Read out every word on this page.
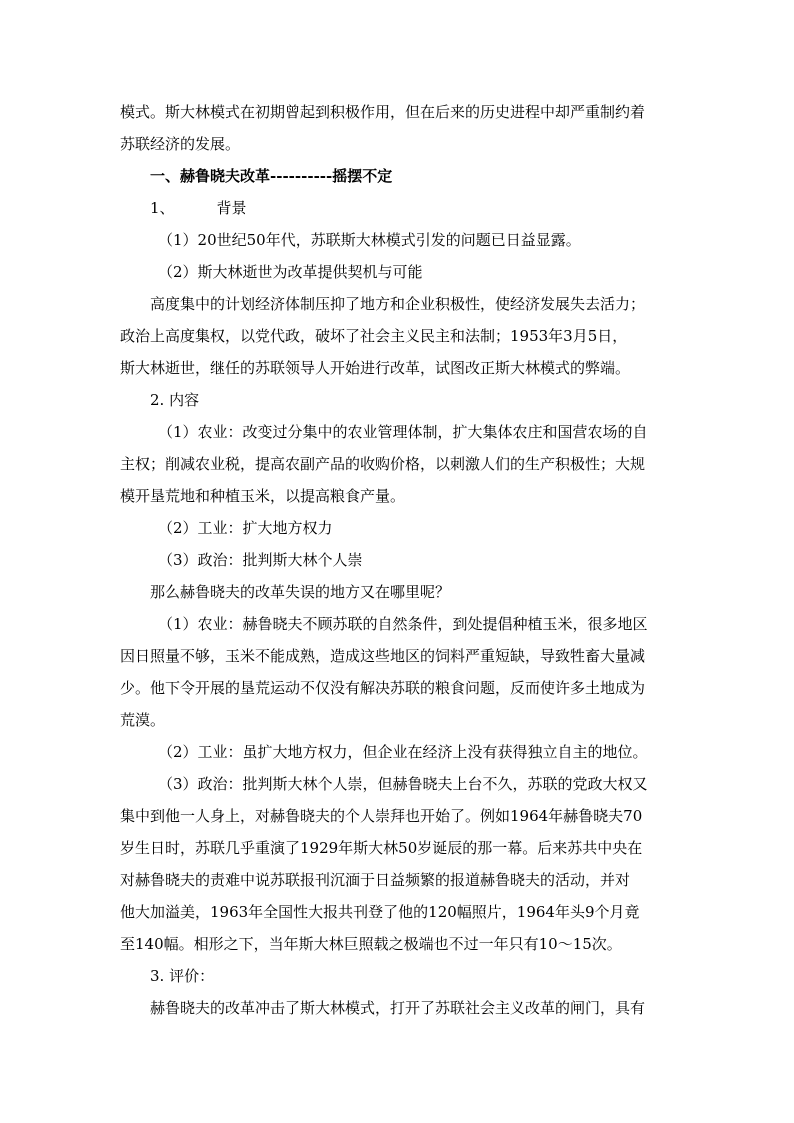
模式。斯大林模式在初期曾起到积极作用，但在后来的历史进程中却严重制约着
苏联经济的发展。
一、赫鲁晓夫改革----------摇摆不定
1、	背景
（1）20世纪50年代，苏联斯大林模式引发的问题已日益显露。
（2）斯大林逝世为改革提供契机与可能
高度集中的计划经济体制压抑了地方和企业积极性，使经济发展失去活力；
政治上高度集权，以党代政，破坏了社会主义民主和法制；1953年3月5日，
斯大林逝世，继任的苏联领导人开始进行改革，试图改正斯大林模式的弊端。
2. 内容
（1）农业：改变过分集中的农业管理体制，扩大集体农庄和国营农场的自
主权；削减农业税，提高农副产品的收购价格，以刺激人们的生产积极性；大规
模开垦荒地和种植玉米，以提高粮食产量。
（2）工业：扩大地方权力
（3）政治：批判斯大林个人崇
那么赫鲁晓夫的改革失误的地方又在哪里呢？
（1）农业：赫鲁晓夫不顾苏联的自然条件，到处提倡种植玉米，很多地区
因日照量不够，玉米不能成熟，造成这些地区的饲料严重短缺，导致牲畜大量减
少。他下令开展的垦荒运动不仅没有解决苏联的粮食问题，反而使许多土地成为
荒漠。
（2）工业：虽扩大地方权力，但企业在经济上没有获得独立自主的地位。
（3）政治：批判斯大林个人崇，但赫鲁晓夫上台不久，苏联的党政大权又
集中到他一人身上，对赫鲁晓夫的个人崇拜也开始了。例如1964年赫鲁晓夫70
岁生日时，苏联几乎重演了1929年斯大林50岁诞辰的那一幕。后来苏共中央在
对赫鲁晓夫的责难中说苏联报刊沉湎于日益频繁的报道赫鲁晓夫的活动，并对
他大加溢美，1963年全国性大报共刊登了他的120幅照片，1964年头9个月竟
至140幅。相形之下，当年斯大林巨照载之极端也不过一年只有10～15次。
3. 评价：
赫鲁晓夫的改革冲击了斯大林模式，打开了苏联社会主义改革的闸门，具有
